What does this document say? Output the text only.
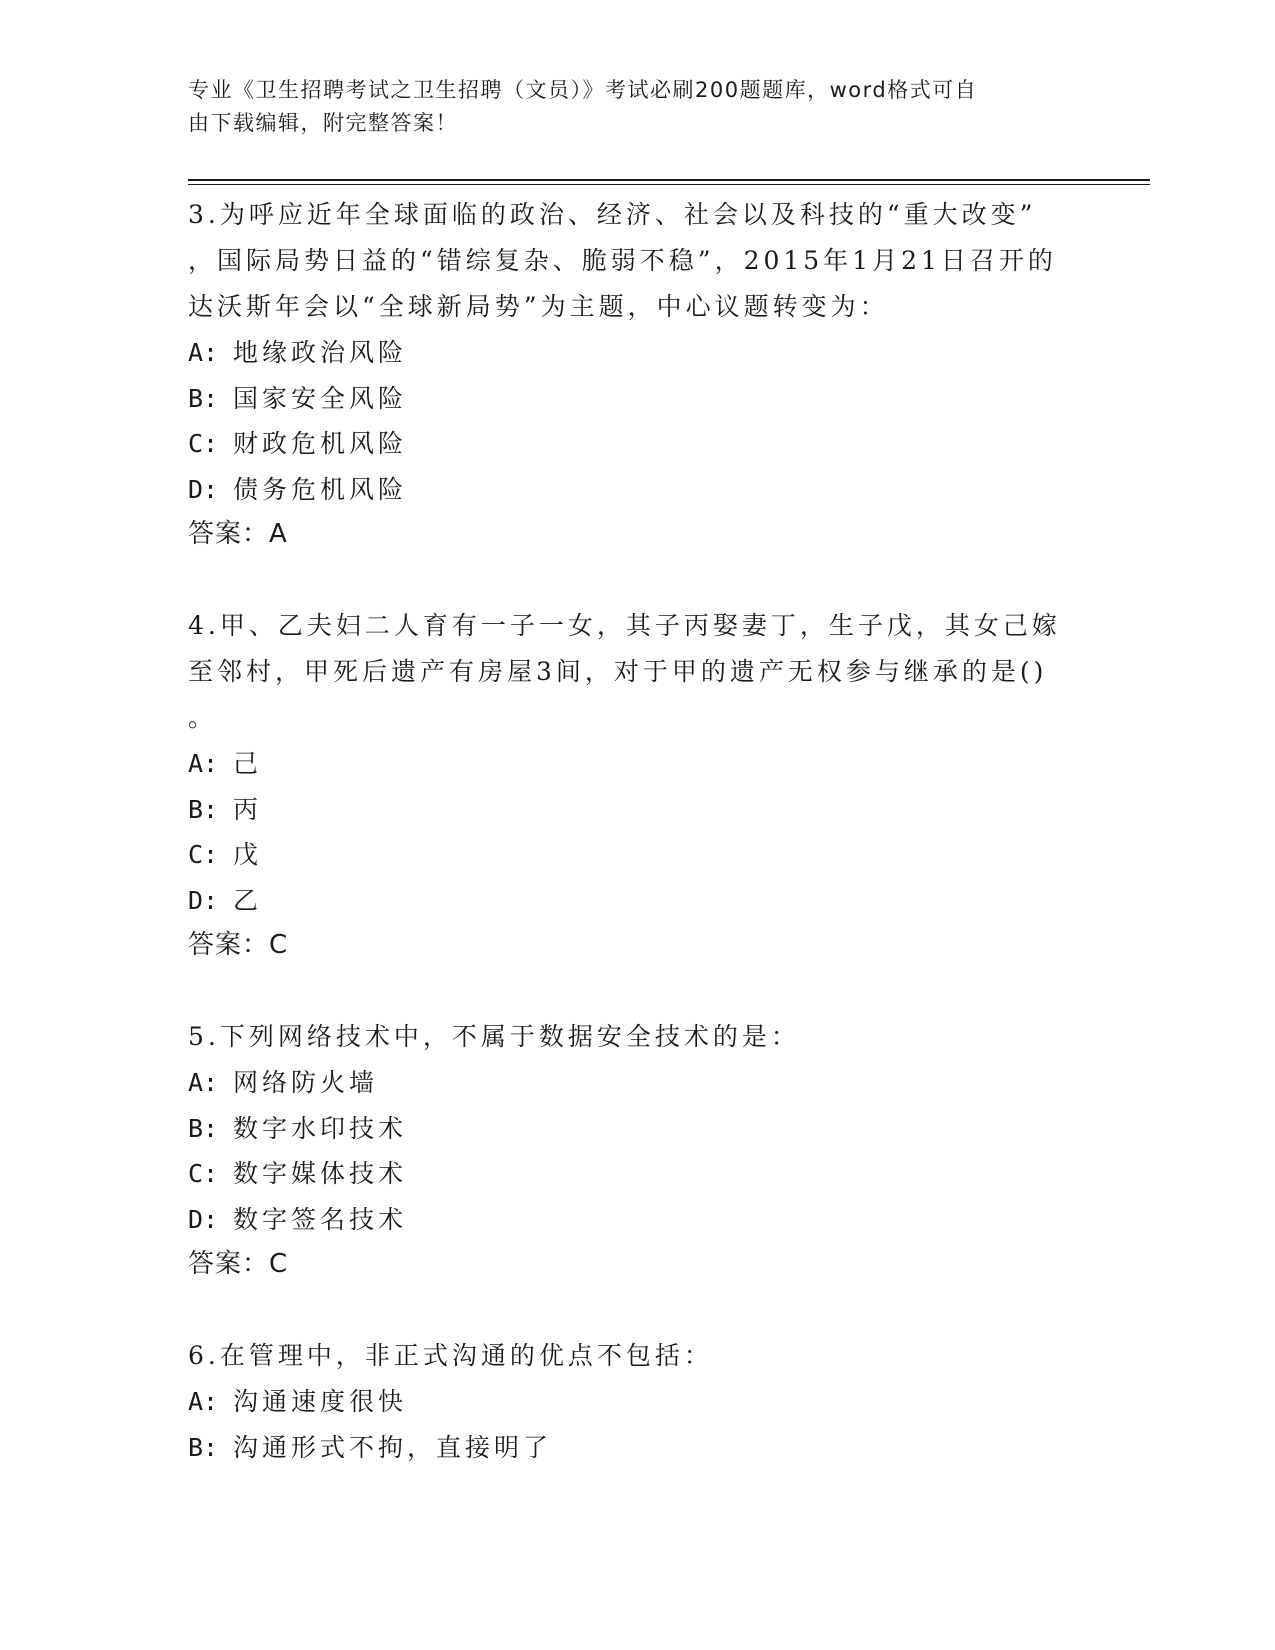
专业《卫生招聘考试之卫生招聘（文员）》考试必刷200题题库，word格式可自
由下载编辑，附完整答案！
3.为呼应近年全球面临的政治、经济、社会以及科技的“重大改变”
，国际局势日益的“错综复杂、脆弱不稳”，2015年1月21日召开的
达沃斯年会以“全球新局势”为主题，中心议题转变为：
A: 地缘政治风险
B: 国家安全风险
C: 财政危机风险
D: 债务危机风险
答案：A
4.甲、乙夫妇二人育有一子一女，其子丙娶妻丁，生子戊，其女己嫁
至邻村，甲死后遗产有房屋3间，对于甲的遗产无权参与继承的是()
。
A: 己
B: 丙
C: 戊
D: 乙
答案：C
5.下列网络技术中，不属于数据安全技术的是：
A: 网络防火墙
B: 数字水印技术
C: 数字媒体技术
D: 数字签名技术
答案：C
6.在管理中，非正式沟通的优点不包括：
A: 沟通速度很快
B: 沟通形式不拘，直接明了
